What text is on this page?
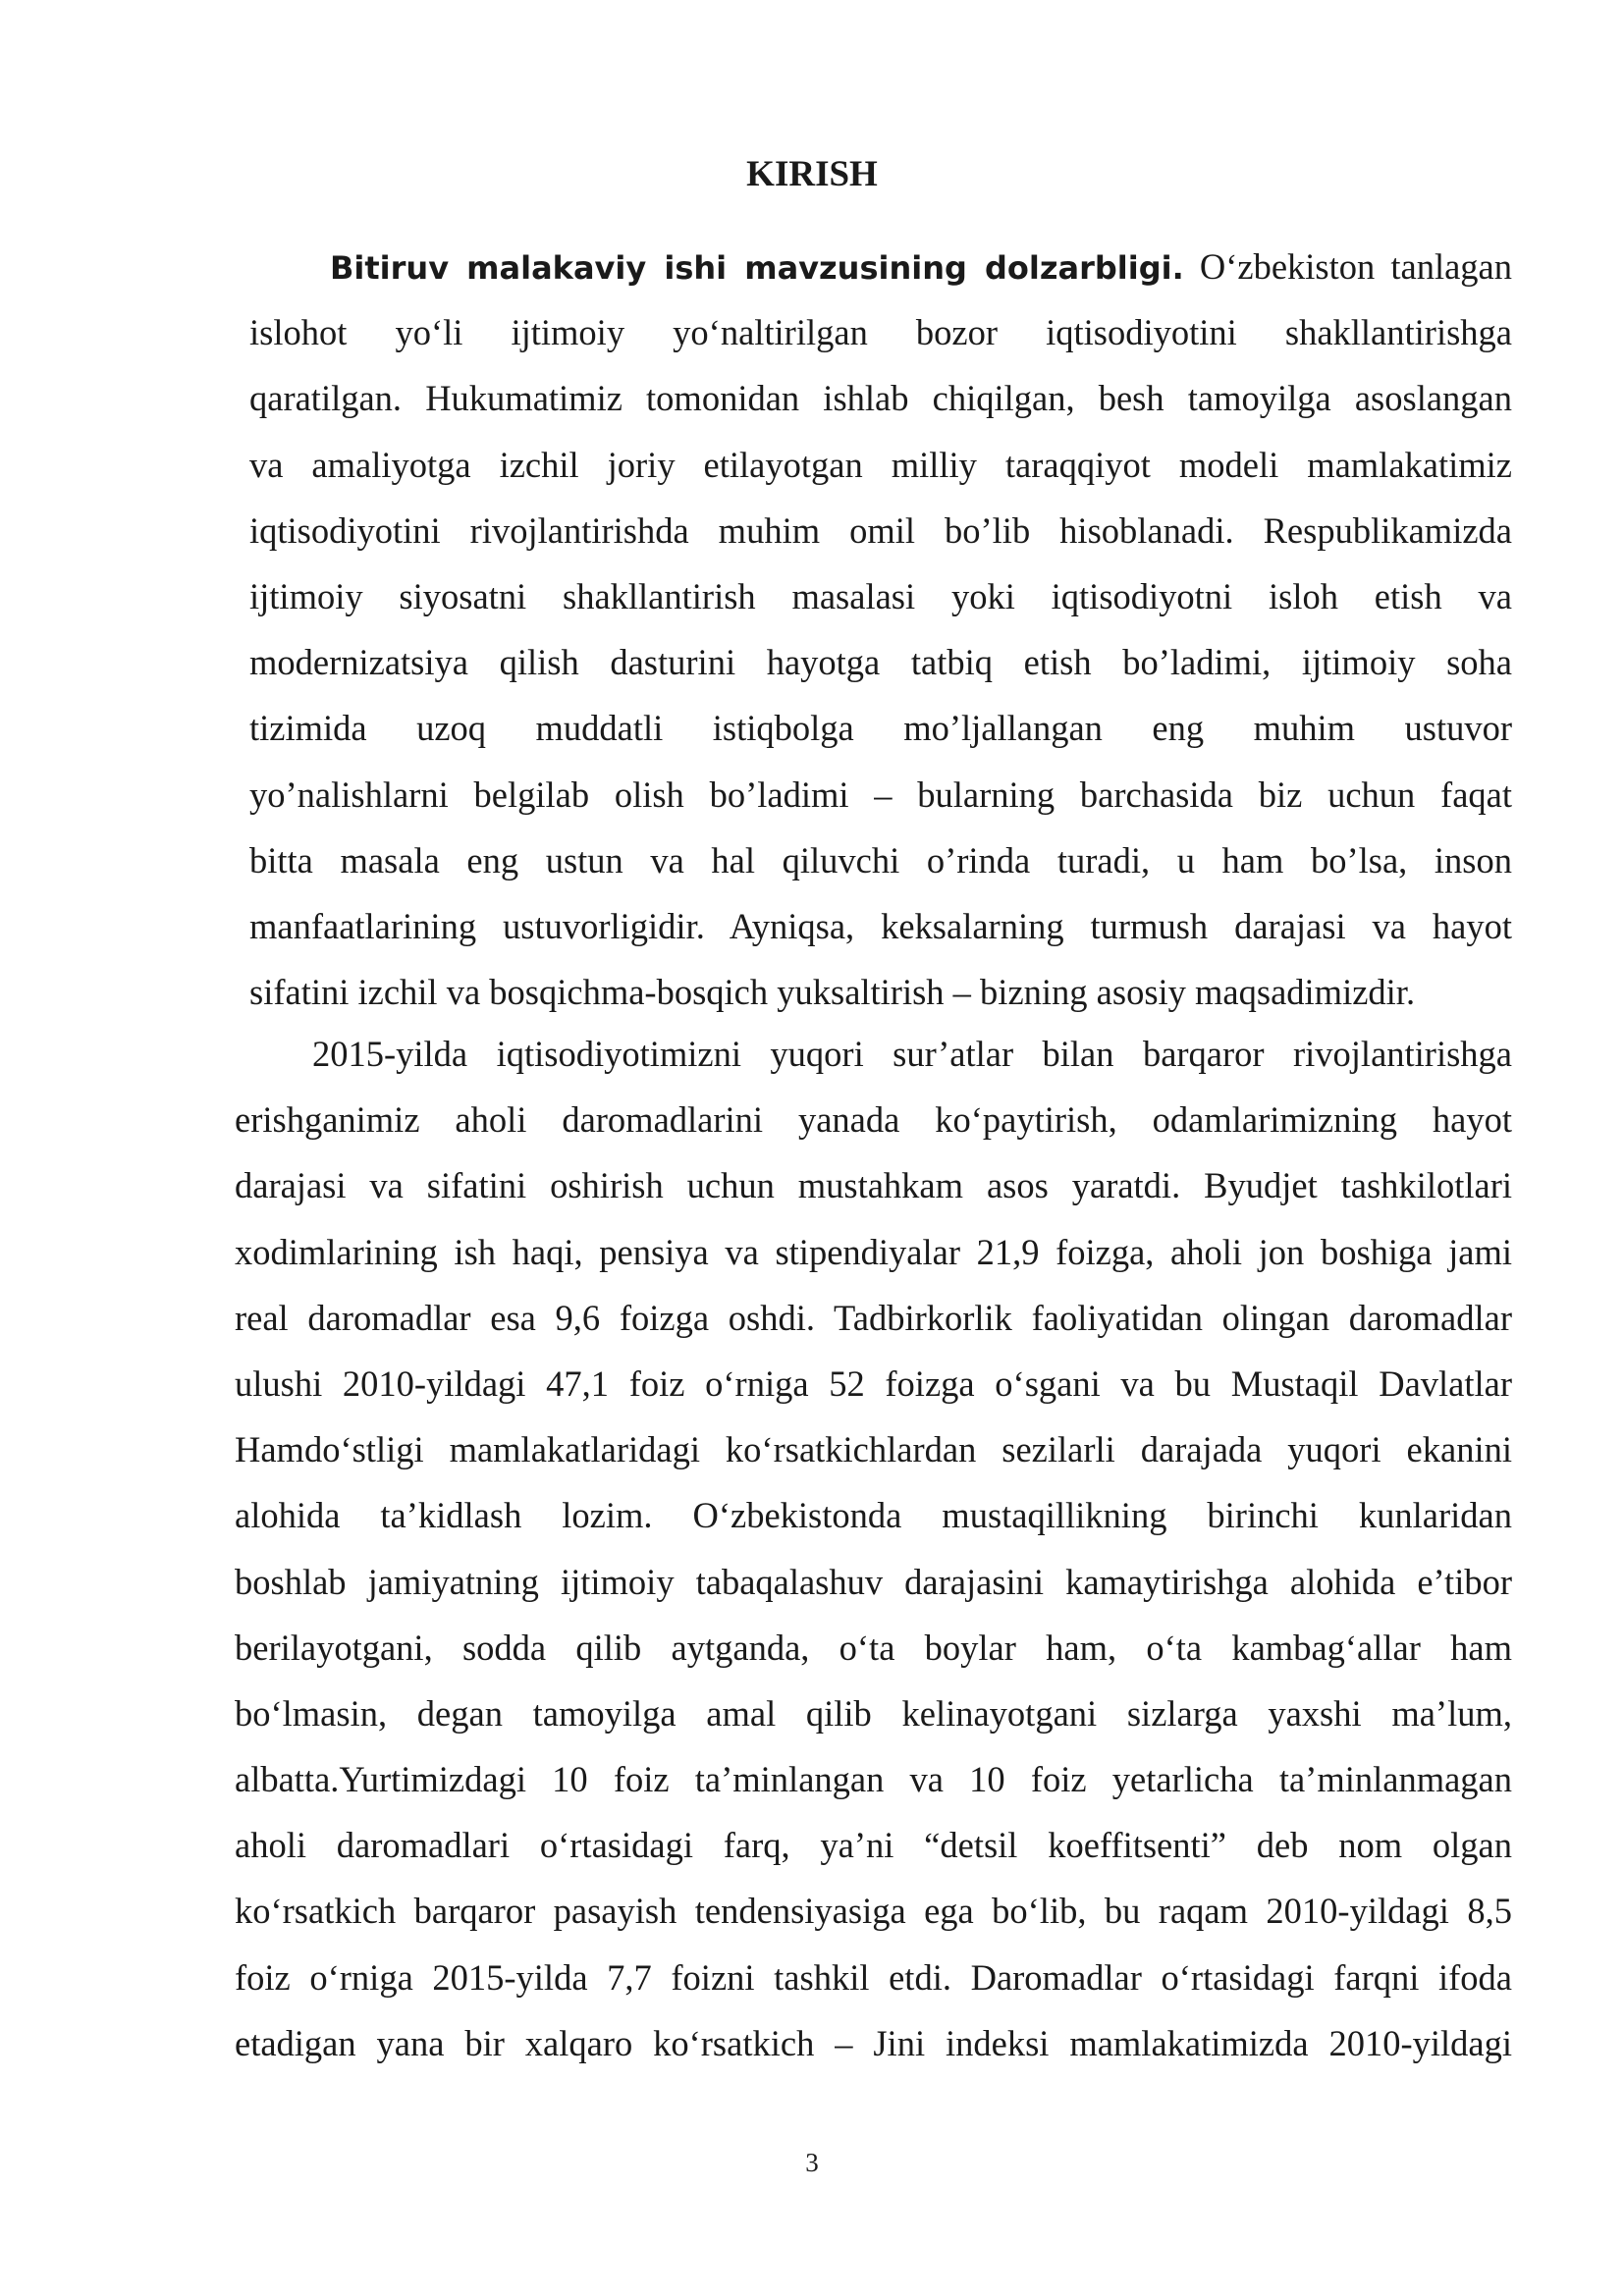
KIRISH
Bitiruv malakaviy ishi mavzusining dolzarbligi. O‘zbekiston tanlagan
islohot yo‘li ijtimoiy yo‘naltirilgan bozor iqtisodiyotini shakllantirishga
qaratilgan. Hukumatimiz tomonidan ishlab chiqilgan, besh tamoyilga asoslangan
va amaliyotga izchil joriy etilayotgan milliy taraqqiyot modeli mamlakatimiz
iqtisodiyotini rivojlantirishda muhim omil bo’lib hisoblanadi. Respublikamizda
ijtimoiy siyosatni shakllantirish masalasi yoki iqtisodiyotni isloh etish va
modernizatsiya qilish dasturini hayotga tatbiq etish bo’ladimi, ijtimoiy soha
tizimida uzoq muddatli istiqbolga mo’ljallangan eng muhim ustuvor
yo’nalishlarni belgilab olish bo’ladimi – bularning barchasida biz uchun faqat
bitta masala eng ustun va hal qiluvchi o’rinda turadi, u ham bo’lsa, inson
manfaatlarining ustuvorligidir. Ayniqsa, keksalarning turmush darajasi va hayot
sifatini izchil va bosqichma-bosqich yuksaltirish – bizning asosiy maqsadimizdir.
2015-yilda iqtisodiyotimizni yuqori sur’atlar bilan barqaror rivojlantirishga
erishganimiz aholi daromadlarini yanada ko‘paytirish, odamlarimizning hayot
darajasi va sifatini oshirish uchun mustahkam asos yaratdi. Byudjet tashkilotlari
xodimlarining ish haqi, pensiya va stipendiyalar 21,9 foizga, aholi jon boshiga jami
real daromadlar esa 9,6 foizga oshdi. Tadbirkorlik faoliyatidan olingan daromadlar
ulushi 2010-yildagi 47,1 foiz o‘rniga 52 foizga o‘sgani va bu Mustaqil Davlatlar
Hamdo‘stligi mamlakatlaridagi ko‘rsatkichlardan sezilarli darajada yuqori ekanini
alohida ta’kidlash lozim. O‘zbekistonda mustaqillikning birinchi kunlaridan
boshlab jamiyatning ijtimoiy tabaqalashuv darajasini kamaytirishga alohida e’tibor
berilayotgani, sodda qilib aytganda, o‘ta boylar ham, o‘ta kambag‘allar ham
bo‘lmasin, degan tamoyilga amal qilib kelinayotgani sizlarga yaxshi ma’lum,
albatta.Yurtimizdagi 10 foiz ta’minlangan va 10 foiz yetarlicha ta’minlanmagan
aholi daromadlari o‘rtasidagi farq, ya’ni “detsil koeffitsenti” deb nom olgan
ko‘rsatkich barqaror pasayish tendensiyasiga ega bo‘lib, bu raqam 2010-yildagi 8,5
foiz o‘rniga 2015-yilda 7,7 foizni tashkil etdi. Daromadlar o‘rtasidagi farqni ifoda
etadigan yana bir xalqaro ko‘rsatkich – Jini indeksi mamlakatimizda 2010-yildagi

3
